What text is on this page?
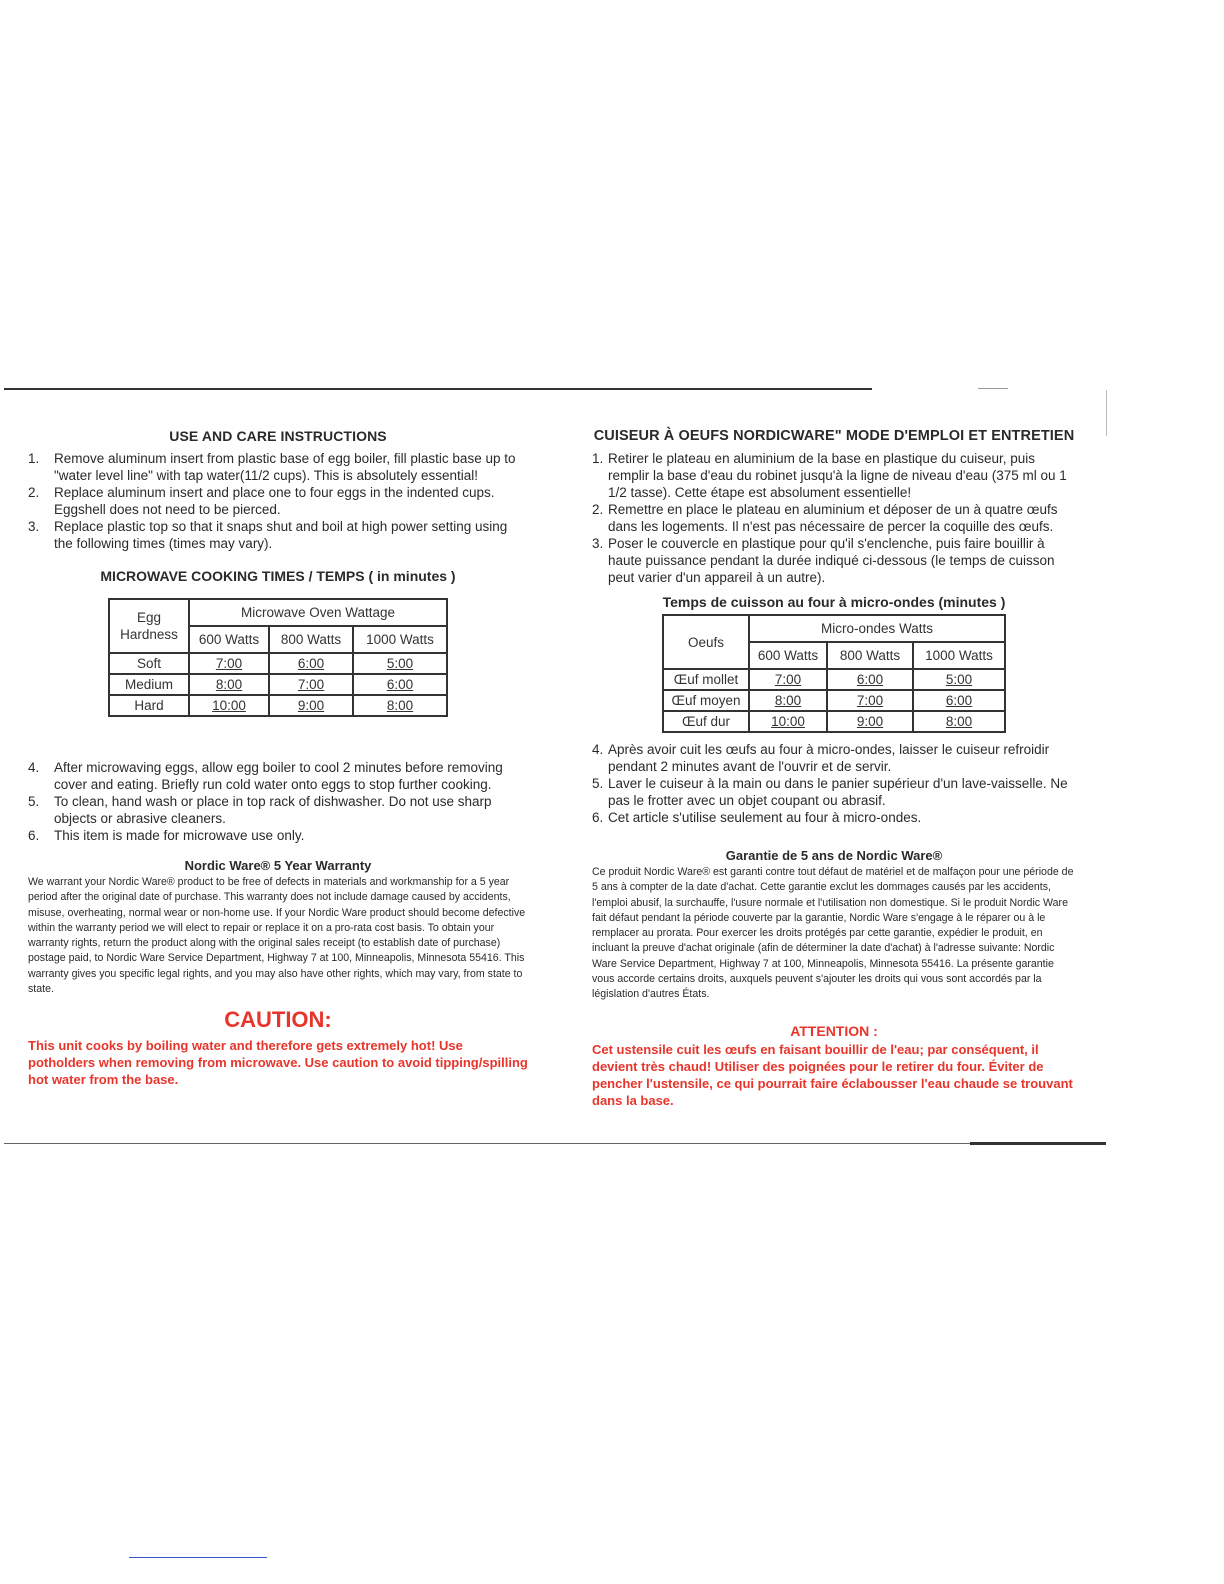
USE AND CARE INSTRUCTIONS
1. Remove aluminum insert from plastic base of egg boiler, fill plastic base up to "water level line" with tap water(11/2 cups). This is absolutely essential!
2. Replace aluminum insert and place one to four eggs in the indented cups. Eggshell does not need to be pierced.
3. Replace plastic top so that it snaps shut and boil at high power setting using the following times (times may vary).
MICROWAVE COOKING TIMES / TEMPS ( in minutes )
Egg Hardness	Microwave Oven Wattage		
	600 Watts	800 Watts	1000 Watts
Soft	7:00	6:00	5:00
Medium	8:00	7:00	6:00
Hard	10:00	9:00	8:00
4. After microwaving eggs, allow egg boiler to cool 2 minutes before removing cover and eating. Briefly run cold water onto eggs to stop further cooking.
5. To clean, hand wash or place in top rack of dishwasher. Do not use sharp objects or abrasive cleaners.
6. This item is made for microwave use only.
Nordic Ware® 5 Year Warranty

We warrant your Nordic Ware® product to be free of defects in materials and workmanship for a 5 year period after the original date of purchase. This warranty does not include damage caused by accidents, misuse, overheating, normal wear or non-home use. If your Nordic Ware product should become defective within the warranty period we will elect to repair or replace it on a pro-rata cost basis. To obtain your warranty rights, return the product along with the original sales receipt (to establish date of purchase) postage paid, to Nordic Ware Service Department, Highway 7 at 100, Minneapolis, Minnesota 55416. This warranty gives you specific legal rights, and you may also have other rights, which may vary, from state to state.

CAUTION:

This unit cooks by boiling water and therefore gets extremely hot! Use potholders when removing from microwave. Use caution to avoid tipping/spilling hot water from the base.

CUISEUR À OEUFS NORDICWARE" MODE D'EMPLOI ET ENTRETIEN
1. Retirer le plateau en aluminium de la base en plastique du cuiseur, puis remplir la base d'eau du robinet jusqu'à la ligne de niveau d'eau (375 ml ou 1 1/2 tasse). Cette étape est absolument essentielle!
2. Remettre en place le plateau en aluminium et déposer de un à quatre œufs dans les logements. Il n'est pas nécessaire de percer la coquille des œufs.
3. Poser le couvercle en plastique pour qu'il s'enclenche, puis faire bouillir à haute puissance pendant la durée indiqué ci-dessous (le temps de cuisson peut varier d'un appareil à un autre).
Temps de cuisson au four à micro-ondes (minutes )
Oeufs	Micro-ondes Watts		
	600 Watts	800 Watts	1000 Watts
Œuf mollet	7:00	6:00	5:00
Œuf moyen	8:00	7:00	6:00
Œuf dur	10:00	9:00	8:00
4. Après avoir cuit les œufs au four à micro-ondes, laisser le cuiseur refroidir pendant 2 minutes avant de l'ouvrir et de servir.
5. Laver le cuiseur à la main ou dans le panier supérieur d'un lave-vaisselle. Ne pas le frotter avec un objet coupant ou abrasif.
6. Cet article s'utilise seulement au four à micro-ondes.
Garantie de 5 ans de Nordic Ware®

Ce produit Nordic Ware® est garanti contre tout défaut de matériel et de malfaçon pour une période de 5 ans à compter de la date d'achat. Cette garantie exclut les dommages causés par les accidents, l'emploi abusif, la surchauffe, l'usure normale et l'utilisation non domestique. Si le produit Nordic Ware fait défaut pendant la période couverte par la garantie, Nordic Ware s'engage à le réparer ou à le remplacer au prorata. Pour exercer les droits protégés par cette garantie, expédier le produit, en incluant la preuve d'achat originale (afin de déterminer la date d'achat) à l'adresse suivante: Nordic Ware Service Department, Highway 7 at 100, Minneapolis, Minnesota 55416. La présente garantie vous accorde certains droits, auxquels peuvent s'ajouter les droits qui vous sont accordés par la législation d'autres États.

ATTENTION :

Cet ustensile cuit les œufs en faisant bouillir de l'eau; par conséquent, il devient très chaud! Utiliser des poignées pour le retirer du four. Éviter de pencher l'ustensile, ce qui pourrait faire éclabousser l'eau chaude se trouvant dans la base.
